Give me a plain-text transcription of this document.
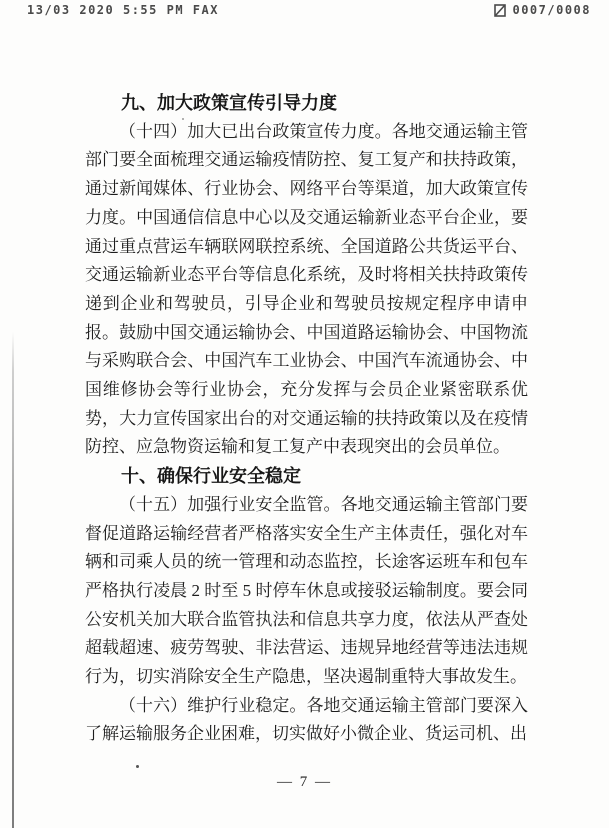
13/03 2020 5:55 PM FAX	0007/0008
九、加大政策宣传引导力度

（十四）加大已出台政策宣传力度。各地交通运输主管部门要全面梳理交通运输疫情防控、复工复产和扶持政策，通过新闻媒体、行业协会、网络平台等渠道，加大政策宣传力度。中国通信信息中心以及交通运输新业态平台企业，要通过重点营运车辆联网联控系统、全国道路公共货运平台、交通运输新业态平台等信息化系统，及时将相关扶持政策传递到企业和驾驶员，引导企业和驾驶员按规定程序申请申报。鼓励中国交通运输协会、中国道路运输协会、中国物流与采购联合会、中国汽车工业协会、中国汽车流通协会、中国维修协会等行业协会，充分发挥与会员企业紧密联系优势，大力宣传国家出台的对交通运输的扶持政策以及在疫情防控、应急物资运输和复工复产中表现突出的会员单位。

十、确保行业安全稳定

（十五）加强行业安全监管。各地交通运输主管部门要督促道路运输经营者严格落实安全生产主体责任，强化对车辆和司乘人员的统一管理和动态监控，长途客运班车和包车严格执行凌晨 2 时至 5 时停车休息或接驳运输制度。要会同公安机关加大联合监管执法和信息共享力度，依法从严查处超载超速、疲劳驾驶、非法营运、违规异地经营等违法违规行为，切实消除安全生产隐患，坚决遏制重特大事故发生。

（十六）维护行业稳定。各地交通运输主管部门要深入了解运输服务企业困难，切实做好小微企业、货运司机、出

— 7 —
